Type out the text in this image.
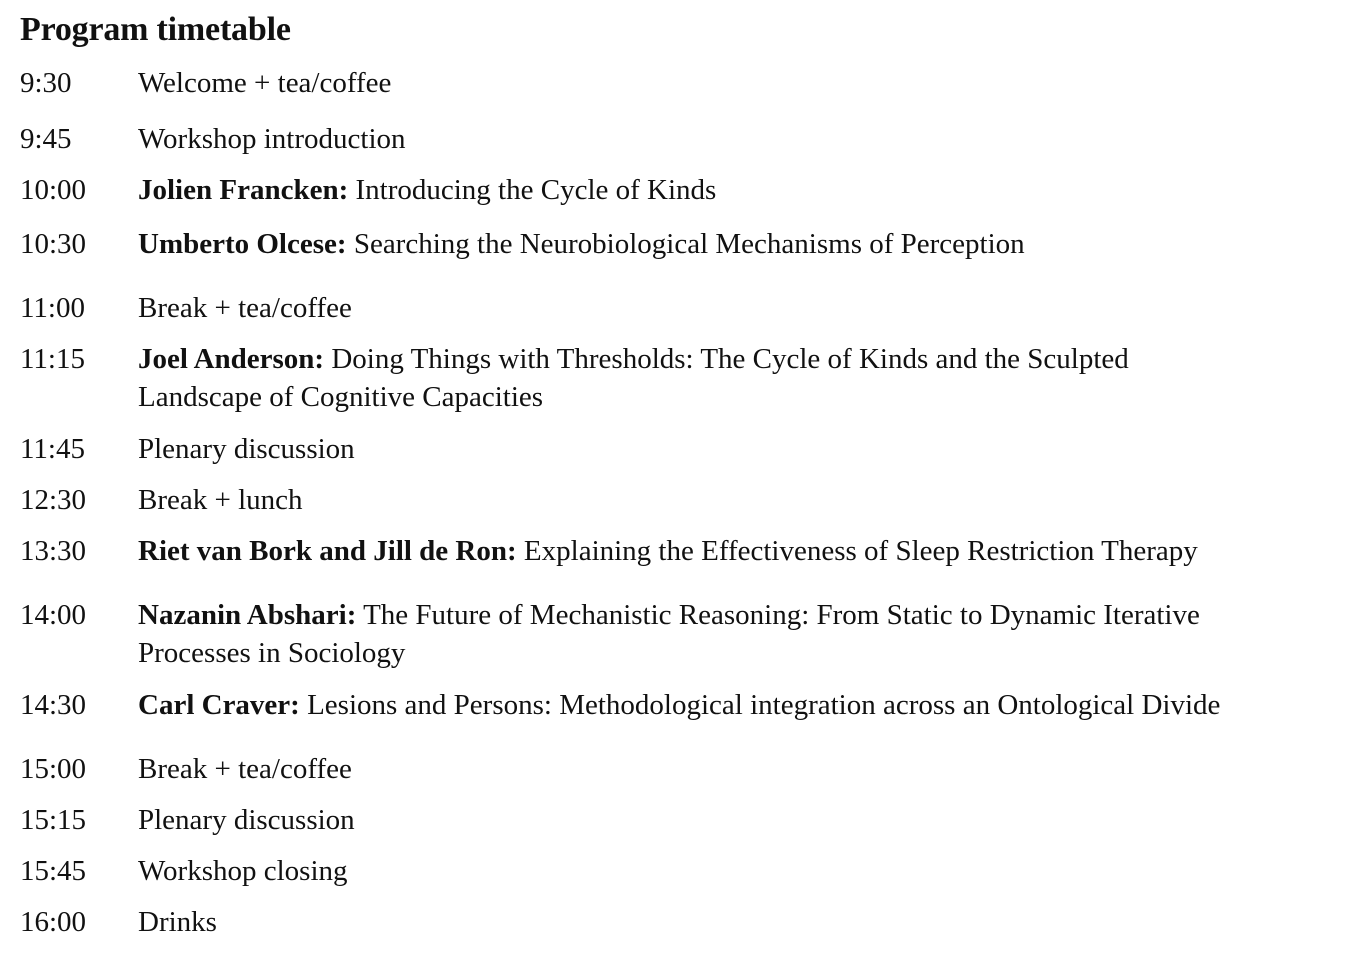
Program timetable
9:30	Welcome + tea/coffee
9:45	Workshop introduction
10:00	Jolien Francken: Introducing the Cycle of Kinds
10:30	Umberto Olcese: Searching the Neurobiological Mechanisms of Perception
11:00	Break + tea/coffee
11:15	Joel Anderson: Doing Things with Thresholds: The Cycle of Kinds and the Sculpted Landscape of Cognitive Capacities
11:45	Plenary discussion
12:30	Break + lunch
13:30	Riet van Bork and Jill de Ron: Explaining the Effectiveness of Sleep Restriction Therapy
14:00	Nazanin Abshari: The Future of Mechanistic Reasoning: From Static to Dynamic Iterative Processes in Sociology
14:30	Carl Craver: Lesions and Persons: Methodological integration across an Ontological Divide
15:00	Break + tea/coffee
15:15	Plenary discussion
15:45	Workshop closing
16:00	Drinks
